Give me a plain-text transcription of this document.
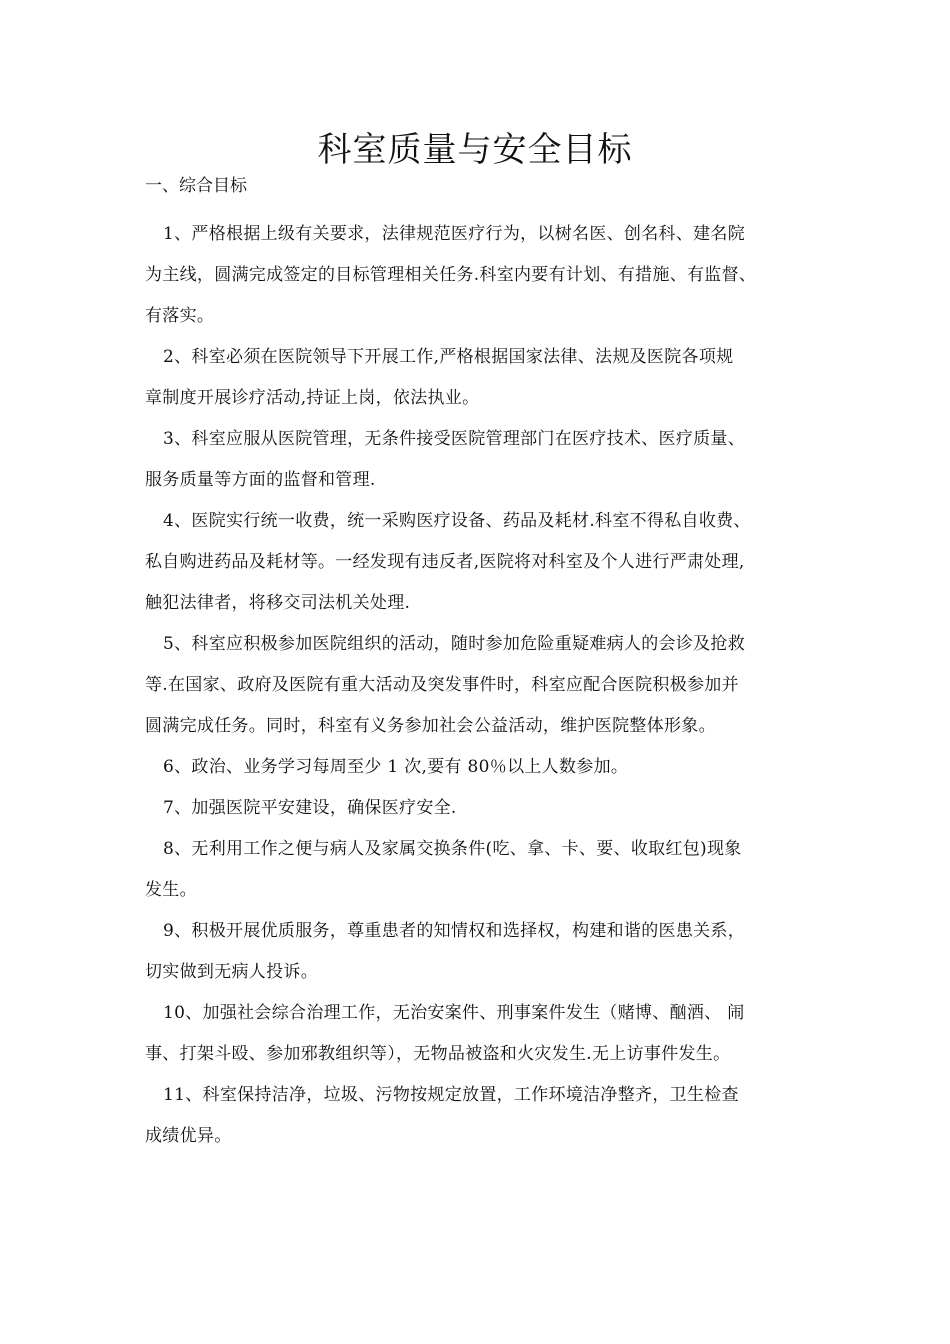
科室质量与安全目标
一、综合目标
1、严格根据上级有关要求，法律规范医疗行为，以树名医、创名科、建名院
为主线，圆满完成签定的目标管理相关任务.科室内要有计划、有措施、有监督、
有落实。
2、科室必须在医院领导下开展工作,严格根据国家法律、法规及医院各项规
章制度开展诊疗活动,持证上岗，依法执业。
3、科室应服从医院管理，无条件接受医院管理部门在医疗技术、医疗质量、
服务质量等方面的监督和管理.
4、医院实行统一收费，统一采购医疗设备、药品及耗材.科室不得私自收费、
私自购进药品及耗材等。一经发现有违反者,医院将对科室及个人进行严肃处理,
触犯法律者，将移交司法机关处理.
5、科室应积极参加医院组织的活动，随时参加危险重疑难病人的会诊及抢救
等.在国家、政府及医院有重大活动及突发事件时，科室应配合医院积极参加并
圆满完成任务。同时，科室有义务参加社会公益活动，维护医院整体形象。
6、政治、业务学习每周至少 1 次,要有 80％以上人数参加。
7、加强医院平安建设，确保医疗安全.
8、无利用工作之便与病人及家属交换条件(吃、拿、卡、要、收取红包)现象
发生。
9、积极开展优质服务，尊重患者的知情权和选择权，构建和谐的医患关系，
切实做到无病人投诉。
10、加强社会综合治理工作，无治安案件、刑事案件发生（赌博、酗酒、 闹
事、打架斗殴、参加邪教组织等），无物品被盗和火灾发生.无上访事件发生。
11、科室保持洁净，垃圾、污物按规定放置，工作环境洁净整齐，卫生检查
成绩优异。
